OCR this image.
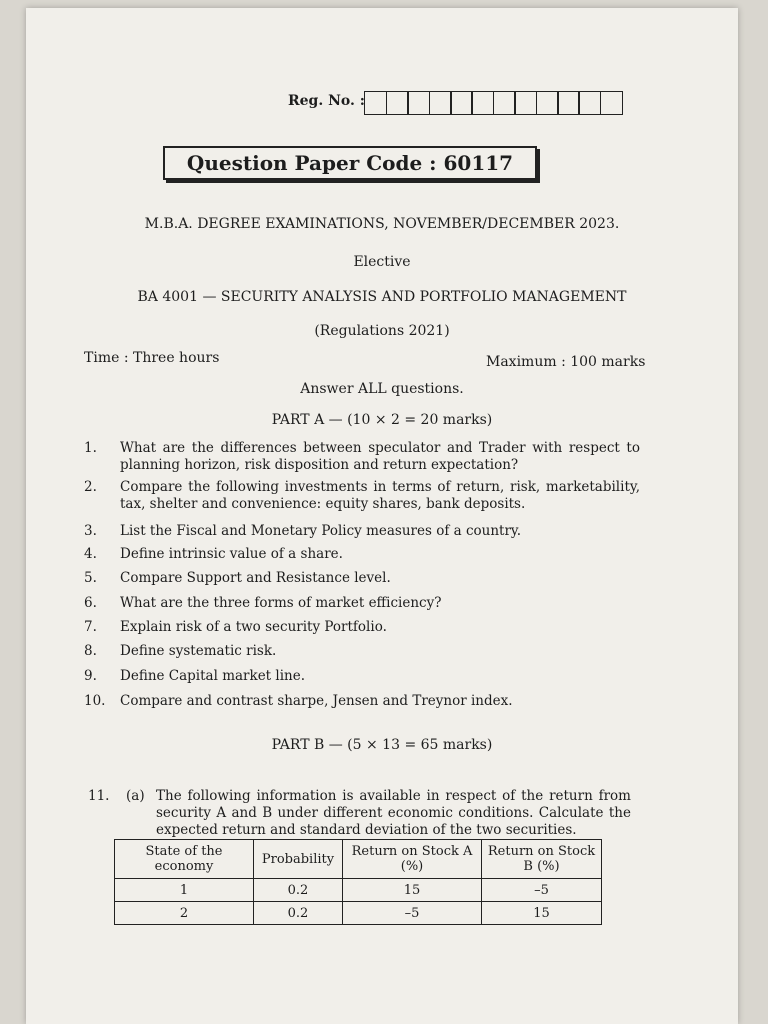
Reg. No. :
Question Paper Code : 60117
M.B.A. DEGREE EXAMINATIONS, NOVEMBER/DECEMBER 2023.
Elective
BA 4001 — SECURITY ANALYSIS AND PORTFOLIO MANAGEMENT
(Regulations 2021)
Time : Three hours	Maximum : 100 marks
Answer ALL questions.
PART A — (10 × 2 = 20 marks)
1.	What are the differences between speculator and Trader with respect to planning horizon, risk disposition and return expectation?
2.	Compare the following investments in terms of return, risk, marketability, tax, shelter and convenience: equity shares, bank deposits.
3.	List the Fiscal and Monetary Policy measures of a country.
4.	Define intrinsic value of a share.
5.	Compare Support and Resistance level.
6.	What are the three forms of market efficiency?
7.	Explain risk of a two security Portfolio.
8.	Define systematic risk.
9.	Define Capital market line.
10.	Compare and contrast sharpe, Jensen and Treynor index.
PART B — (5 × 13 = 65 marks)
11. (a) The following information is available in respect of the return from security A and B under different economic conditions. Calculate the expected return and standard deviation of the two securities.
State of the economy	Probability	Return on Stock A (%)	Return on Stock B (%)
1	0.2	15	–5
2	0.2	–5	15
